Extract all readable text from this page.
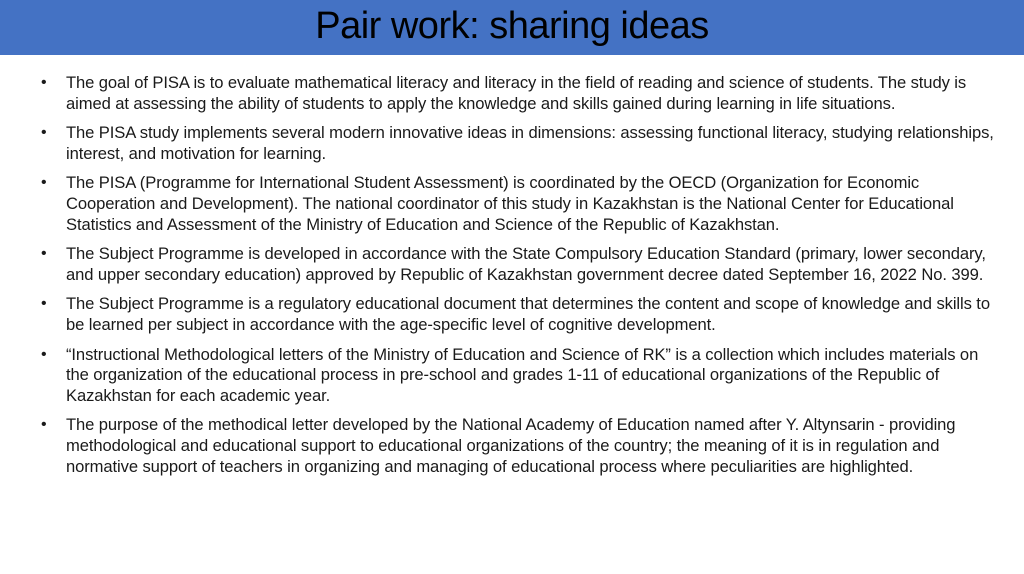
Pair work: sharing ideas
• The goal of PISA is to evaluate mathematical literacy and literacy in the field of reading and science of students. The study is aimed at assessing the ability of students to apply the knowledge and skills gained during learning in life situations.
• The PISA study implements several modern innovative ideas in dimensions: assessing functional literacy, studying relationships, interest, and motivation for learning.
• The PISA (Programme for International Student Assessment) is coordinated by the OECD (Organization for Economic Cooperation and Development). The national coordinator of this study in Kazakhstan is the National Center for Educational Statistics and Assessment of the Ministry of Education and Science of the Republic of Kazakhstan.
• The Subject Programme is developed in accordance with the State Compulsory Education Standard (primary, lower secondary, and upper secondary education) approved by Republic of Kazakhstan government decree dated September 16, 2022 No. 399.
• The Subject Programme is a regulatory educational document that determines the content and scope of knowledge and skills to be learned per subject in accordance with the age-specific level of cognitive development.
• “Instructional Methodological letters of the Ministry of Education and Science of RK” is a collection which includes materials on the organization of the educational process in pre-school and grades 1-11 of educational organizations of the Republic of Kazakhstan for each academic year.
• The purpose of the methodical letter developed by the National Academy of Education named after Y. Altynsarin - providing methodological and educational support to educational organizations of the country; the meaning of it is in regulation and normative support of teachers in organizing and managing of educational process where peculiarities are highlighted.
